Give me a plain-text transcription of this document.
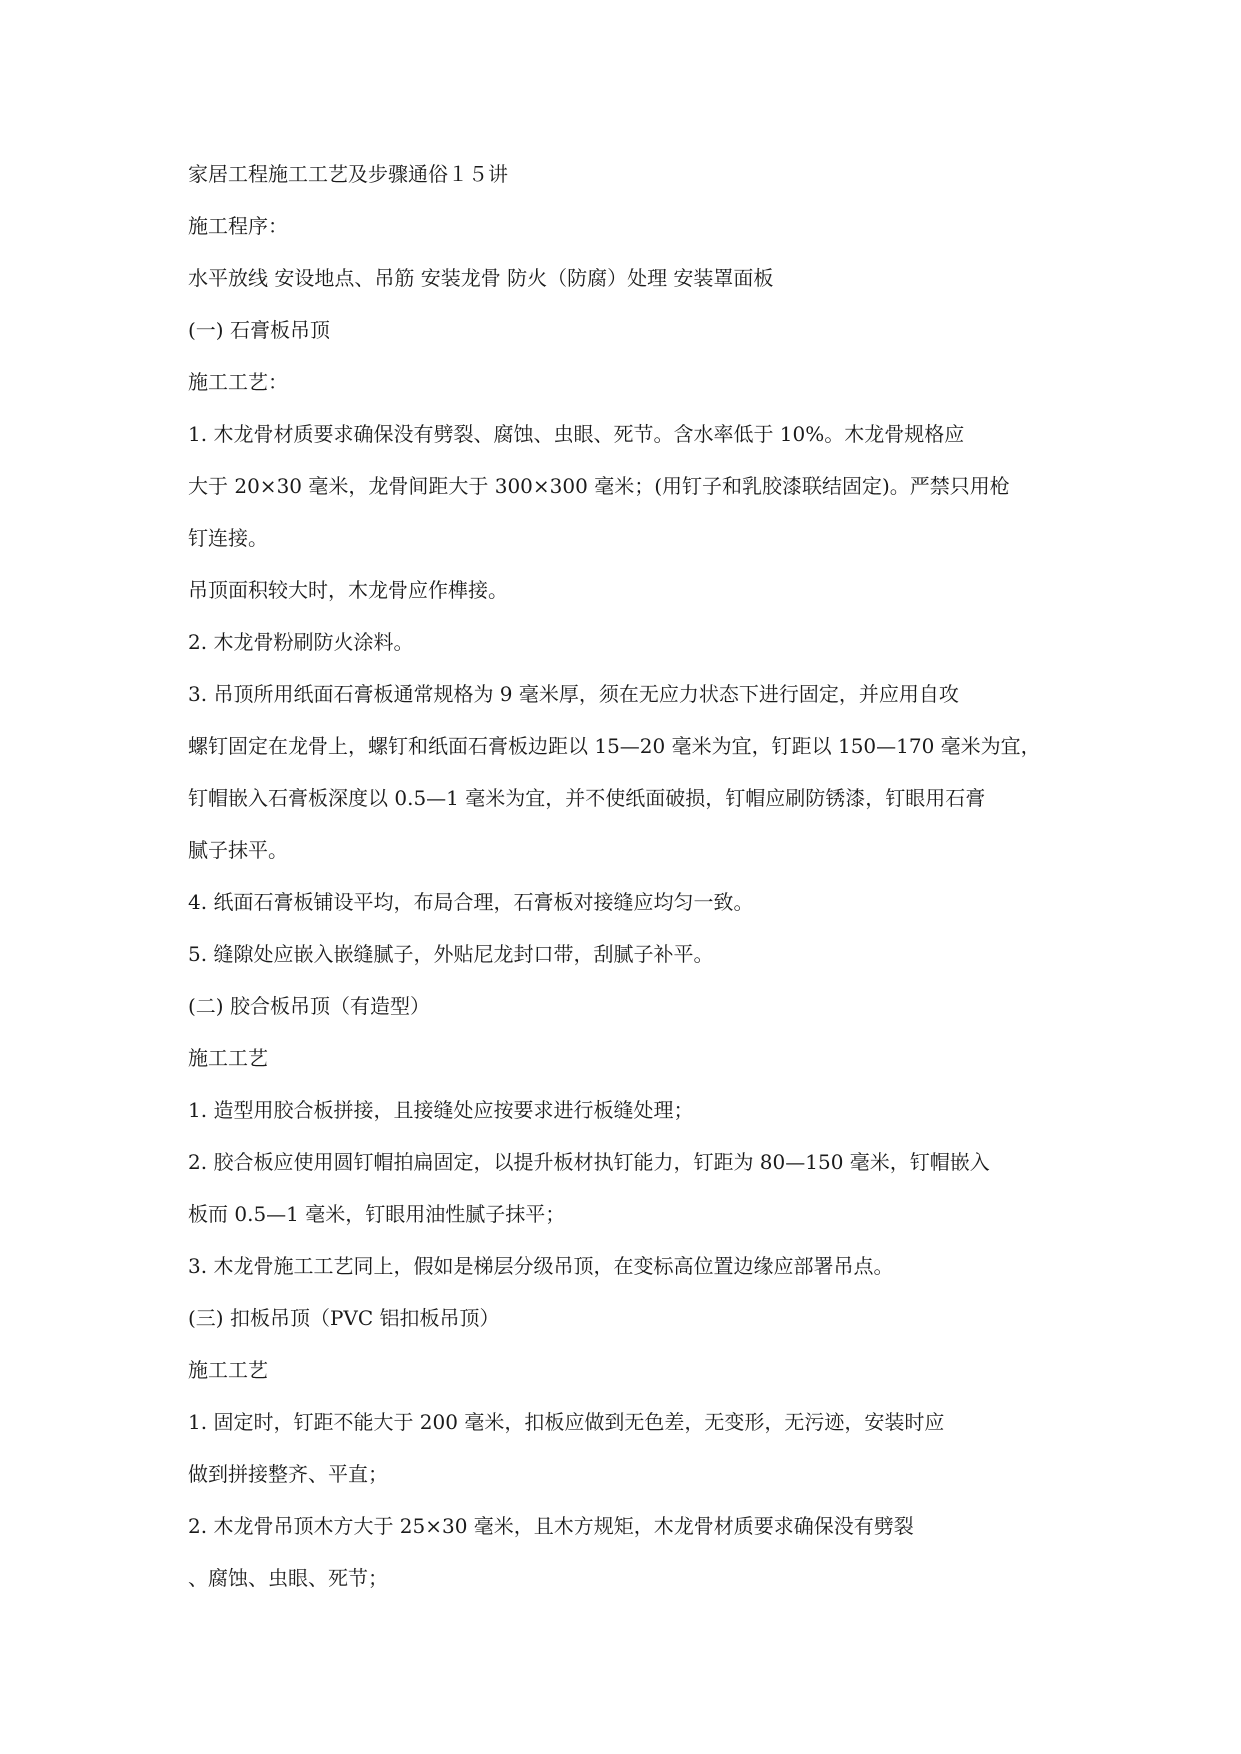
家居工程施工工艺及步骤通俗１５讲
施工程序：
水平放线 安设地点、吊筋 安装龙骨 防火（防腐）处理 安装罩面板
(一) 石膏板吊顶
施工工艺：
1. 木龙骨材质要求确保没有劈裂、腐蚀、虫眼、死节。含水率低于 10%。木龙骨规格应
大于 20×30 毫米，龙骨间距大于 300×300 毫米；(用钉子和乳胶漆联结固定)。严禁只用枪
钉连接。
吊顶面积较大时，木龙骨应作榫接。
2. 木龙骨粉刷防火涂料。
3. 吊顶所用纸面石膏板通常规格为 9 毫米厚，须在无应力状态下进行固定，并应用自攻
螺钉固定在龙骨上，螺钉和纸面石膏板边距以 15—20 毫米为宜，钉距以 150—170 毫米为宜，
钉帽嵌入石膏板深度以 0.5—1 毫米为宜，并不使纸面破损，钉帽应刷防锈漆，钉眼用石膏
腻子抹平。
4. 纸面石膏板铺设平均，布局合理，石膏板对接缝应均匀一致。
5. 缝隙处应嵌入嵌缝腻子，外贴尼龙封口带，刮腻子补平。
(二) 胶合板吊顶（有造型）
施工工艺
1. 造型用胶合板拼接，且接缝处应按要求进行板缝处理；
2. 胶合板应使用圆钉帽拍扁固定，以提升板材执钉能力，钉距为 80—150 毫米，钉帽嵌入
板而 0.5—1 毫米，钉眼用油性腻子抹平；
3. 木龙骨施工工艺同上，假如是梯层分级吊顶，在变标高位置边缘应部署吊点。
(三) 扣板吊顶（PVC 铝扣板吊顶）
施工工艺
1. 固定时，钉距不能大于 200 毫米，扣板应做到无色差，无变形，无污迹，安装时应
做到拼接整齐、平直；
2. 木龙骨吊顶木方大于 25×30 毫米，且木方规矩，木龙骨材质要求确保没有劈裂
、腐蚀、虫眼、死节；
